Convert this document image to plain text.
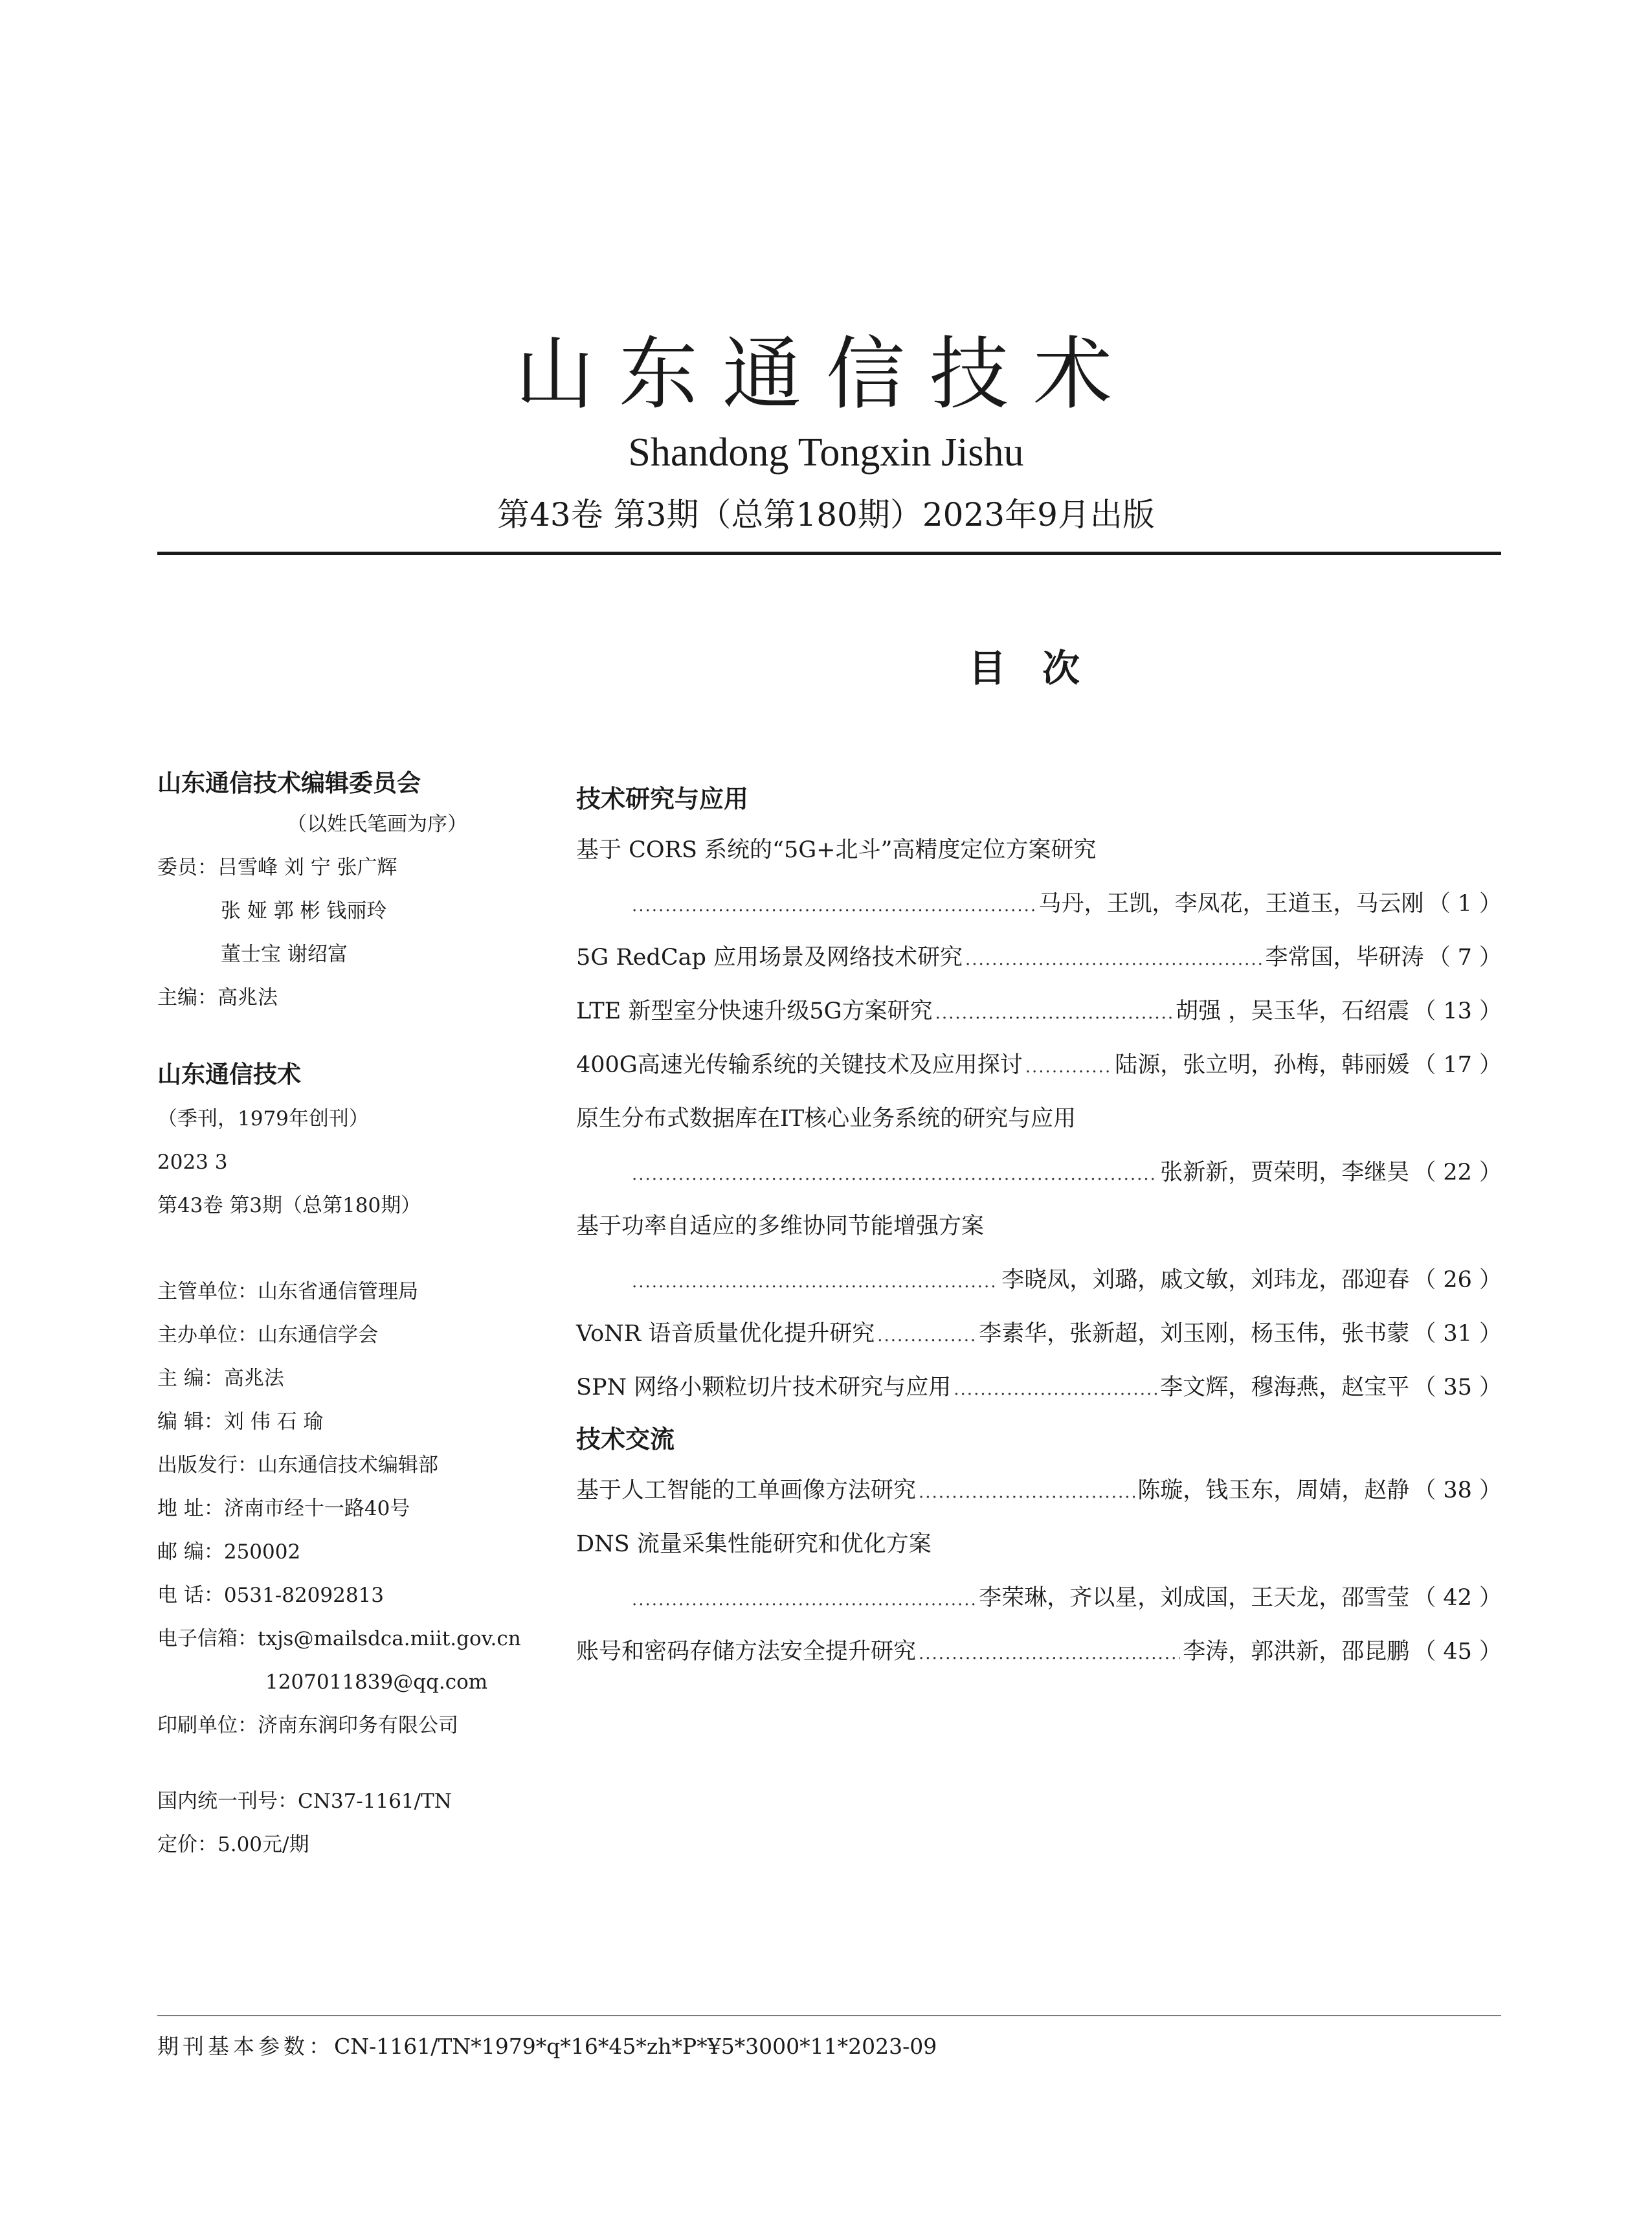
山东通信技术
Shandong Tongxin Jishu
第43卷 第3期（总第180期）2023年9月出版
目次
山东通信技术编辑委员会
（以姓氏笔画为序）
委员：吕雪峰 刘 宁 张广辉
张 娅 郭 彬 钱丽玲
董士宝 谢绍富
主编：高兆法
山东通信技术
（季刊，1979年创刊）
2023 3
第43卷 第3期（总第180期）
主管单位：山东省通信管理局
主办单位：山东通信学会
主 编：高兆法
编 辑：刘 伟 石 瑜
出版发行：山东通信技术编辑部
地 址：济南市经十一路40号
邮 编：250002
电 话：0531-82092813
电子信箱：txjs@mailsdca.miit.gov.cn
1207011839@qq.com
印刷单位：济南东润印务有限公司
国内统一刊号：CN37-1161/TN
定价：5.00元/期
技术研究与应用
基于 CORS 系统的“5G+北斗”高精度定位方案研究
.....
马丹，王凯，李凤花，王道玉，马云刚 （ 1 ）
5G RedCap 应用场景及网络技术研究 .....	李常国，毕研涛 （ 7 ）
LTE 新型室分快速升级5G方案研究 .....	胡强 ，吴玉华，石绍震 （ 13 ）
400G高速光传输系统的关键技术及应用探讨 .....	陆源，张立明，孙梅，韩丽媛 （ 17 ）
原生分布式数据库在IT核心业务系统的研究与应用
.....
张新新，贾荣明，李继昊 （ 22 ）
基于功率自适应的多维协同节能增强方案
.....
李晓凤，刘璐，戚文敏，刘玮龙，邵迎春 （ 26 ）
VoNR 语音质量优化提升研究 .....	李素华，张新超，刘玉刚，杨玉伟，张书蒙 （ 31 ）
SPN 网络小颗粒切片技术研究与应用 .....	李文辉，穆海燕，赵宝平 （ 35 ）
技术交流
基于人工智能的工单画像方法研究 .....	陈璇，钱玉东，周婧，赵静 （ 38 ）
DNS 流量采集性能研究和优化方案
.....
李荣琳，齐以星，刘成国，王天龙，邵雪莹 （ 42 ）
账号和密码存储方法安全提升研究 .....	李涛，郭洪新，邵昆鹏 （ 45 ）
期刊基本参数：CN-1161/TN*1979*q*16*45*zh*P*¥5*3000*11*2023-09
